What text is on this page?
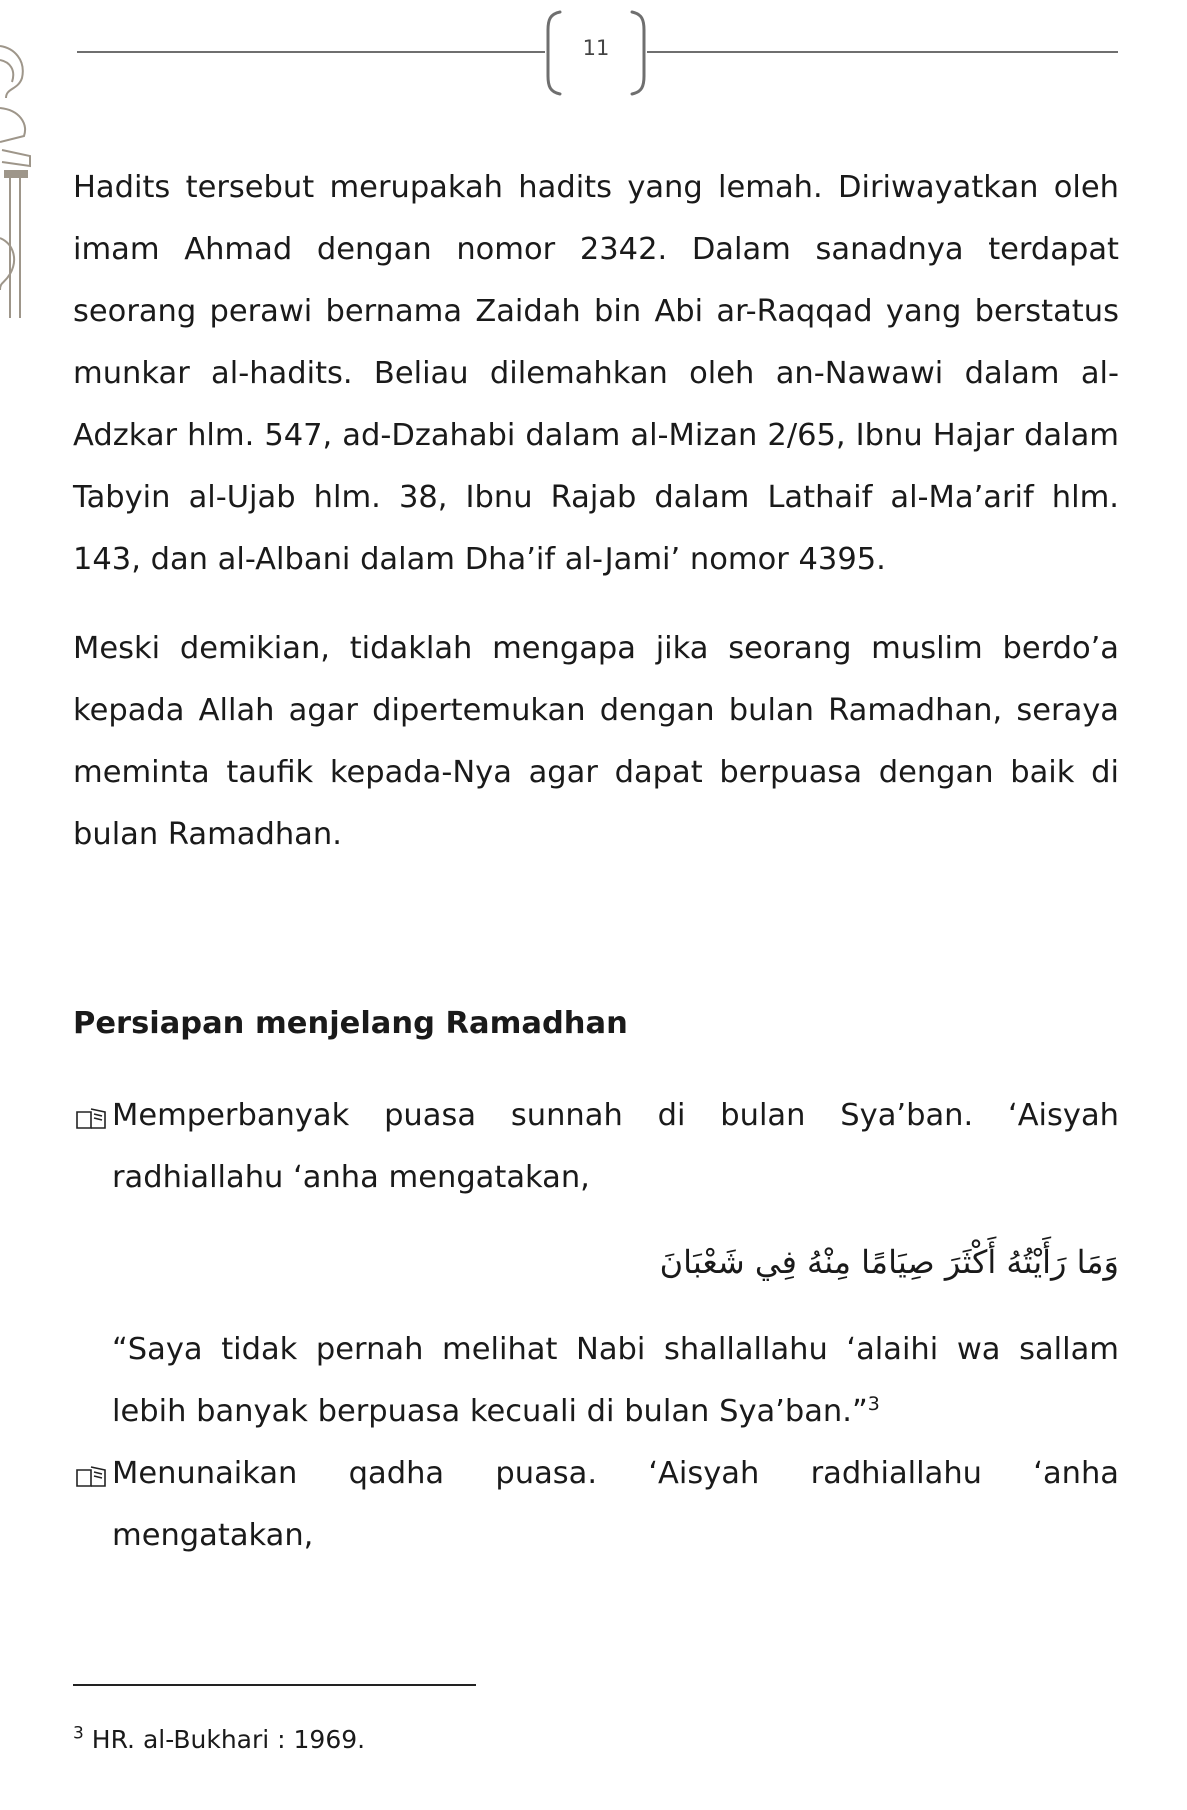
11

Hadits tersebut merupakah hadits yang lemah. Diriwayatkan oleh imam Ahmad dengan nomor 2342. Dalam sanadnya terdapat seorang perawi bernama Zaidah bin Abi ar-Raqqad yang berstatus munkar al-hadits. Beliau dilemahkan oleh an-Nawawi dalam al-Adzkar hlm. 547, ad-Dzahabi dalam al-Mizan 2/65, Ibnu Hajar dalam Tabyin al-Ujab hlm. 38, Ibnu Rajab dalam Lathaif al-Ma’arif hlm. 143, dan al-Albani dalam Dha’if al-Jami’ nomor 4395.

Meski demikian, tidaklah mengapa jika seorang muslim berdo’a kepada Allah agar dipertemukan dengan bulan Ramadhan, seraya meminta taufik kepada-Nya agar dapat berpuasa dengan baik di bulan Ramadhan.

Persiapan menjelang Ramadhan
Memperbanyak puasa sunnah di bulan Sya’ban. ‘Aisyah radhiallahu ‘anha mengatakan,
وَمَا رَأَيْتُهُ أَكْثَرَ صِيَامًا مِنْهُ فِي شَعْبَانَ
“Saya tidak pernah melihat Nabi shallallahu ‘alaihi wa sallam lebih banyak berpuasa kecuali di bulan Sya’ban.”$^3$
Menunaikan qadha puasa. ‘Aisyah radhiallahu ‘anha mengatakan,
$^3$ HR. al-Bukhari : 1969.
